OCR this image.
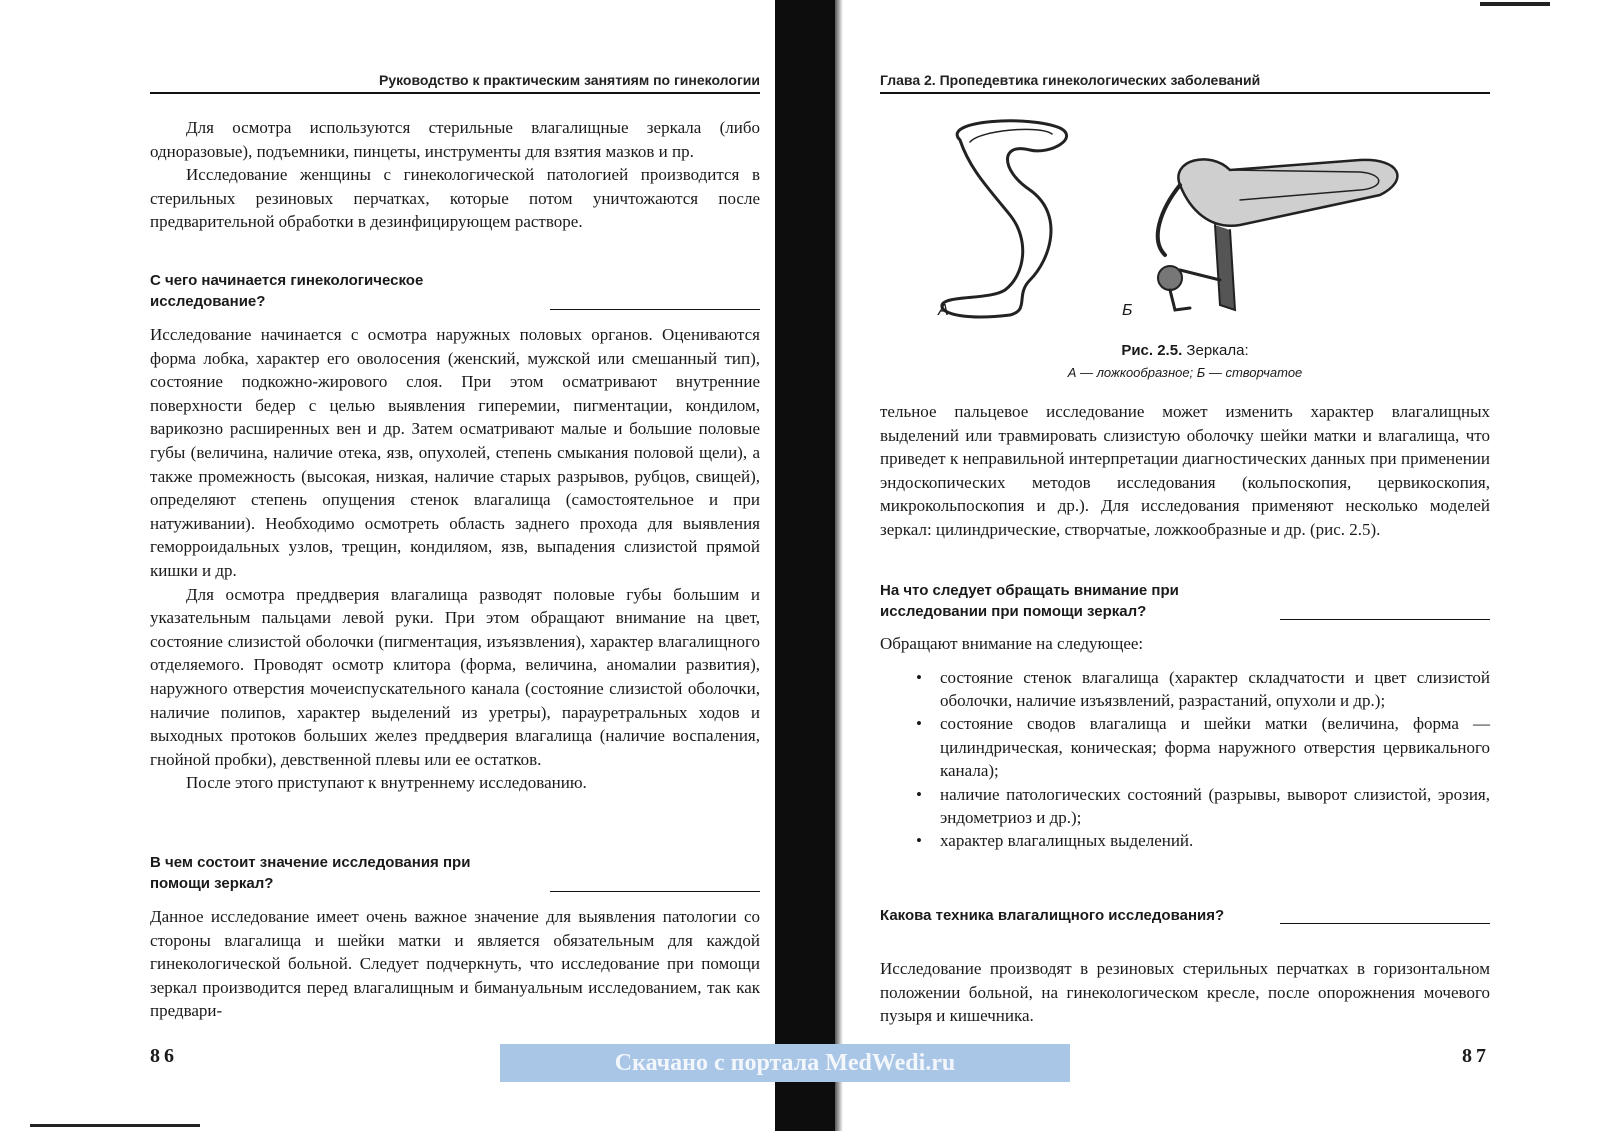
Руководство к практическим занятиям по гинекологии

Для осмотра используются стерильные влагалищные зеркала (либо одноразовые), подъемники, пинцеты, инструменты для взятия мазков и пр.

Исследование женщины с гинекологической патологией производится в стерильных резиновых перчатках, которые потом уничтожаются после предварительной обработки в дезинфицирующем растворе.

С чего начинается гинекологическое исследование?

Исследование начинается с осмотра наружных половых органов. Оцениваются форма лобка, характер его оволосения (женский, мужской или смешанный тип), состояние подкожно-жирового слоя. При этом осматривают внутренние поверхности бедер с целью выявления гиперемии, пигментации, кондилом, варикозно расширенных вен и др. Затем осматривают малые и большие половые губы (величина, наличие отека, язв, опухолей, степень смыкания половой щели), а также промежность (высокая, низкая, наличие старых разрывов, рубцов, свищей), определяют степень опущения стенок влагалища (самостоятельное и при натуживании). Необходимо осмотреть область заднего прохода для выявления геморроидальных узлов, трещин, кондиляом, язв, выпадения слизистой прямой кишки и др.

Для осмотра преддверия влагалища разводят половые губы большим и указательным пальцами левой руки. При этом обращают внимание на цвет, состояние слизистой оболочки (пигментация, изъязвления), характер влагалищного отделяемого. Проводят осмотр клитора (форма, величина, аномалии развития), наружного отверстия мочеиспускательного канала (состояние слизистой оболочки, наличие полипов, характер выделений из уретры), парауретральных ходов и выходных протоков больших желез преддверия влагалища (наличие воспаления, гнойной пробки), девственной плевы или ее остатков.

После этого приступают к внутреннему исследованию.

В чем состоит значение исследования при помощи зеркал?

Данное исследование имеет очень важное значение для выявления патологии со стороны влагалища и шейки матки и является обязательным для каждой гинекологической больной. Следует подчеркнуть, что исследование при помощи зеркал производится перед влагалищным и бимануальным исследованием, так как предвари-

86
Глава 2. Пропедевтика гинекологических заболеваний
А	Б
Рис. 2.5. Зеркала:
А — ложкообразное; Б — створчатое

тельное пальцевое исследование может изменить характер влагалищных выделений или травмировать слизистую оболочку шейки матки и влагалища, что приведет к неправильной интерпретации диагностических данных при применении эндоскопических методов исследования (кольпоскопия, цервикоскопия, микрокольпоскопия и др.). Для исследования применяют несколько моделей зеркал: цилиндрические, створчатые, ложкообразные и др. (рис. 2.5).

На что следует обращать внимание при исследовании при помощи зеркал?

Обращают внимание на следующее:

• состояние стенок влагалища (характер складчатости и цвет слизистой оболочки, наличие изъязвлений, разрастаний, опухоли и др.);
• состояние сводов влагалища и шейки матки (величина, форма — цилиндрическая, коническая; форма наружного отверстия цервикального канала);
• наличие патологических состояний (разрывы, выворот слизистой, эрозия, эндометриоз и др.);
• характер влагалищных выделений.

Какова техника влагалищного исследования?

Исследование производят в резиновых стерильных перчатках в горизонтальном положении больной, на гинекологическом кресле, после опорожнения мочевого пузыря и кишечника.

87
Скачано с портала MedWedi.ru
